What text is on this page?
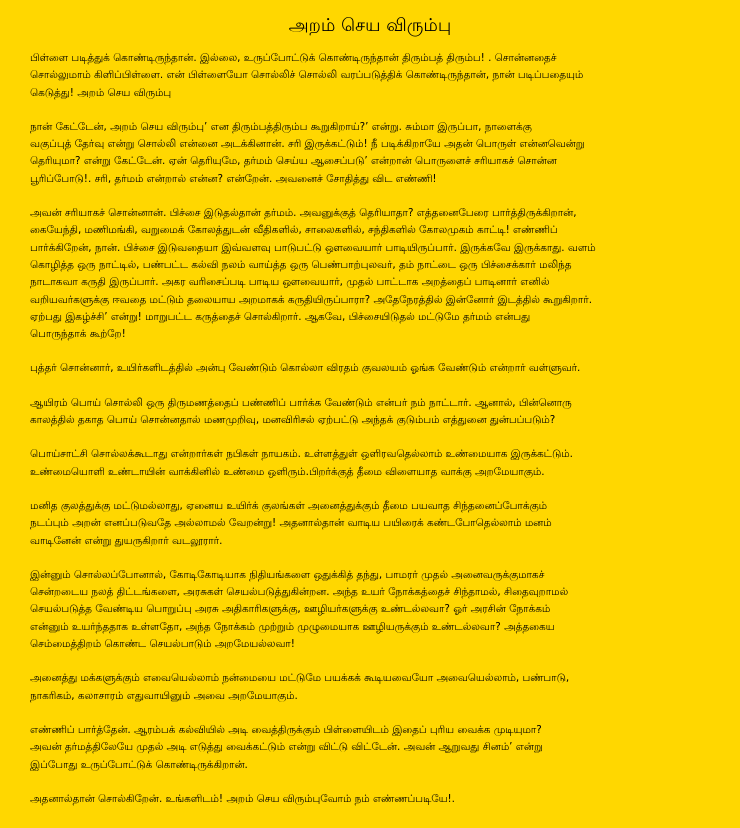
அறம் செய விரும்பு

பிள்ளை படித்துக் கொண்டிருந்தான். இல்லை, உருப்போட்டுக் கொண்டிருந்தான் திரும்பத் திரும்ப! . சொன்னதைச்
சொல்லுமாம் கிளிப்பிள்ளை. என் பிள்ளையோ சொல்லிச் சொல்லி வரப்படுத்திக் கொண்டிருந்தான், நான் படிப்பதையும்
கெடுத்து! அறம் செய விரும்பு

நான் கேட்டேன், அறம் செய விரும்பு’ என திரும்பத்திரும்ப கூறுகிறாய்?’ என்று. சும்மா இருப்பா, நாளைக்கு
வகுப்புத் தேர்வு என்று சொல்லி என்னை அடக்கினான். சரி இருக்கட்டும்! நீ படிக்கிறாயே அதன் பொருள் என்னவென்று
தெரியுமா? என்று கேட்டேன். ஏன் தெரியுமே, தர்மம் செய்ய ஆசைப்படு’ என்றான் பொருளைச் சரியாகச் சொன்ன
பூரிப்போடு!. சரி, தர்மம் என்றால் என்ன? என்றேன். அவனைச் சோதித்து விட எண்ணி!

அவன் சரியாகச் சொன்னான். பிச்சை இடுதல்தான் தர்மம். அவனுக்குத் தெரியாதா? எத்தனைபேரை பார்த்திருக்கிறான்,
கையேந்தி, மணிமங்கி, வறுமைக் கோலத்துடன் வீதிகளில், சாலைகளில், சந்திகளில் கோலமுகம் காட்டி! எண்ணிப்
பார்க்கிறேன், நான். பிச்சை இடுவதையா இவ்வளவு பாடுபட்டு ஔவையார் பாடியிருப்பார். இருக்கவே இருக்காது. வளம்
கொழித்த ஒரு நாட்டில், பண்பட்ட கல்வி நலம் வாய்த்த ஒரு பெண்பாற்புலவர், தம் நாட்டை ஒரு பிச்சைக்கார் மலிந்த
நாடாகவா கருதி இருப்பார். அகர வரிசைப்படி பாடிய ஔவையார், முதல் பாட்டாக அறத்தைப் பாடினார் எனில்
வறியவர்களுக்கு ஈவதை மட்டும் தலையாய அறமாகக் கருதியிருப்பாரா? அதேநேரத்தில் இன்னோர் இடத்தில் கூறுகிறார்.
ஏற்பது இகழ்ச்சி’ என்று! மாறுபட்ட கருத்தைச் சொல்கிறார். ஆகவே, பிச்சையிடுதல் மட்டுமே தர்மம் என்பது
பொருந்தாக் கூற்றே!

புத்தர் சொன்னார், உயிர்களிடத்தில் அன்பு வேண்டும் கொல்லா விரதம் குவலயம் ஓங்க வேண்டும் என்றார் வள்ளுவர்.

ஆயிரம் பொய் சொல்லி ஒரு திருமணத்தைப் பண்ணிப் பார்க்க வேண்டும் என்பர் நம் நாட்டார். ஆனால், பின்னொரு
காலத்தில் தகாத பொய் சொன்னதால் மணமுறிவு, மனவிரிசல் ஏற்பட்டு அந்தக் குடும்பம் எத்துனை துன்பப்படும்?

பொய்சாட்சி சொல்லக்கூடாது என்றார்கள் நபிகள் நாயகம். உள்ளத்துள் ஒளிரவதெல்லாம் உண்மையாக இருக்கட்டும்.
உண்மையொளி உண்டாயின் வாக்கினில் உண்மை ஒளிரும்.பிறர்க்குத் தீமை விளையாத வாக்கு அறமேயாகும்.

மனித குலத்துக்கு மட்டுமல்லாது, ஏனைய உயிர்க் குலங்கள் அனைத்துக்கும் தீமை பயவாத சிந்தனைப்போக்கும்
நடப்பும் அறன் எனப்படுவதே அல்லாமல் வேறன்று! அதனால்தான் வாடிய பயிரைக் கண்டபோதெல்லாம் மனம்
வாடினேன் என்று துயருகிறார் வடலூரார்.

இன்னும் சொல்லப்போனால், கோடிகோடியாக நிதியங்களை ஒதுக்கித் தந்து, பாமரர் முதல் அனைவருக்குமாகச்
சென்றடைய நலத் திட்டங்களை, அரசுகள் செயல்படுத்துகின்றன. அந்த உயர் நோக்கத்தைச் சிந்தாமல், சிதைவுறாமல்
செயல்படுத்த வேண்டிய பொறுப்பு அரசு அதிகாரிகளுக்கு, ஊழியர்களுக்கு உண்டல்லவா? ஓர் அரசின் நோக்கம்
என்னும் உயர்ந்ததாக உள்ளதோ, அந்த நோக்கம் முற்றும் முழுமையாக ஊழியருக்கும் உண்டல்லவா? அத்தகைய
செம்மைத்திறம் கொண்ட செயல்பாடும் அறமேயல்லவா!

அனைத்து மக்களுக்கும் எவையெல்லாம் நன்மையை மட்டுமே பயக்கக் கூடியவையோ அவையெல்லாம், பண்பாடு,
நாகரிகம், கலாசாரம் எதுவாயினும் அவை அறமேயாகும்.

எண்ணிப் பார்த்தேன். ஆரம்பக் கல்வியில் அடி வைத்திருக்கும் பிள்ளையிடம் இதைப் புரிய வைக்க முடியுமா?
அவன் தர்மத்திலேயே முதல் அடி எடுத்து வைக்கட்டும் என்று விட்டு விட்டேன். அவன் ஆறுவது சினம்’ என்று
இப்போது உருப்போட்டுக் கொண்டிருக்கிறான்.

அதனால்தான் சொல்கிறேன். உங்களிடம்! அறம் செய விரும்புவோம் நம் எண்ணப்படியே!.
